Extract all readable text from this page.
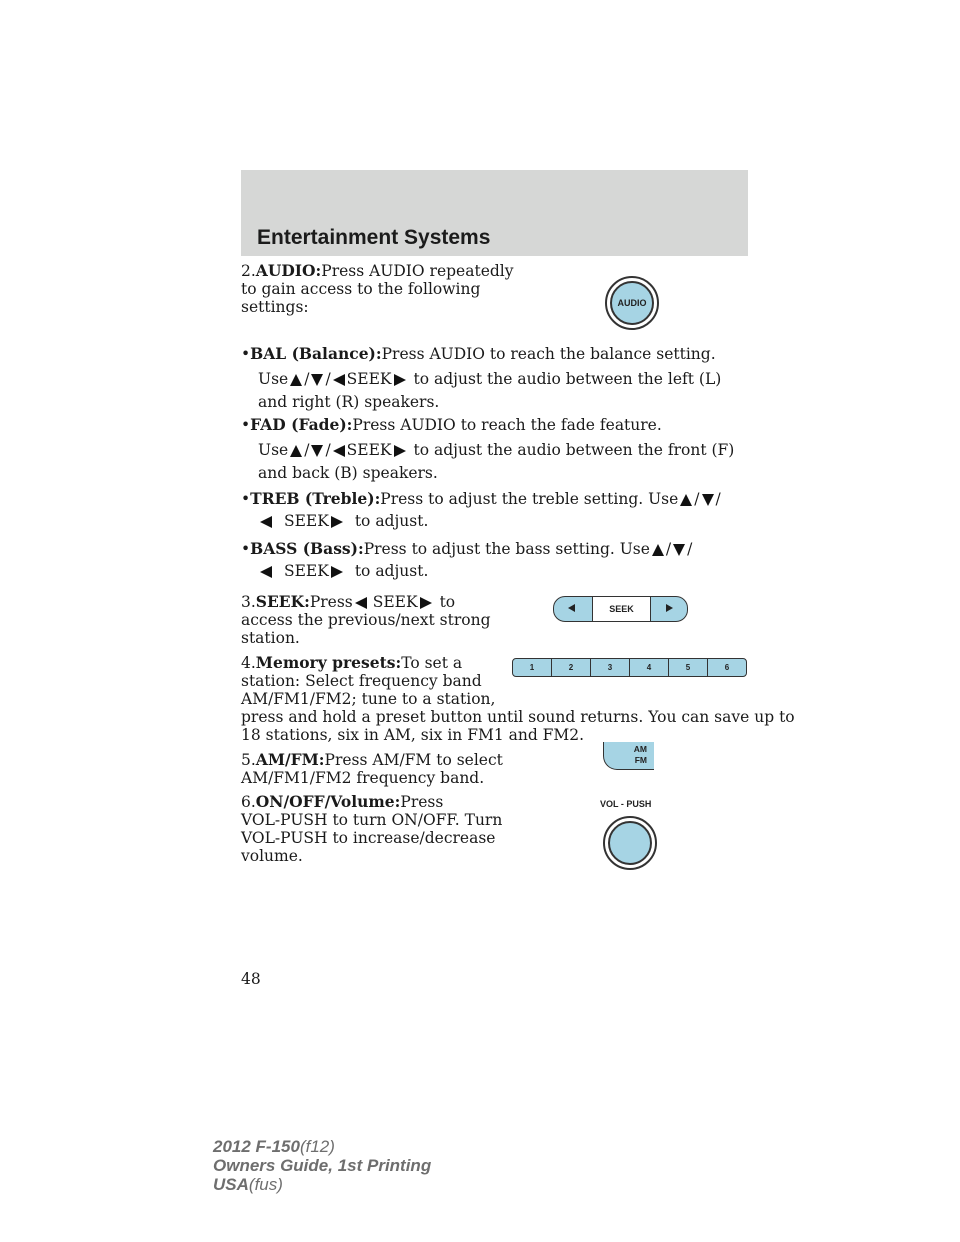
Entertainment Systems
2.AUDIO:Press AUDIO repeatedly
to gain access to the following
settings:
•BAL (Balance):Press AUDIO to reach the balance setting.
Use / / SEEK to adjust the audio between the left (L)
and right (R) speakers.
•FAD (Fade):Press AUDIO to reach the fade feature.
Use / / SEEK to adjust the audio between the front (F)
and back (B) speakers.
•TREB (Treble):Press to adjust the treble setting. Use / /
SEEK to adjust.
•BASS (Bass):Press to adjust the bass setting. Use / /
SEEK to adjust.
3.SEEK:Press SEEK to
access the previous/next strong
station.
4.Memory presets:To set a
station: Select frequency band
AM/FM1/FM2; tune to a station,
press and hold a preset button until sound returns. You can save up to
18 stations, six in AM, six in FM1 and FM2.
5.AM/FM:Press AM/FM to select
AM/FM1/FM2 frequency band.
6.ON/OFF/Volume:Press
VOL-PUSH to turn ON/OFF. Turn
VOL-PUSH to increase/decrease
volume.
AUDIO
SEEK
1	2	3	4	5	6
AM
FM
VOL - PUSH
48
2012 F-150(f12)
Owners Guide, 1st Printing
USA(fus)
